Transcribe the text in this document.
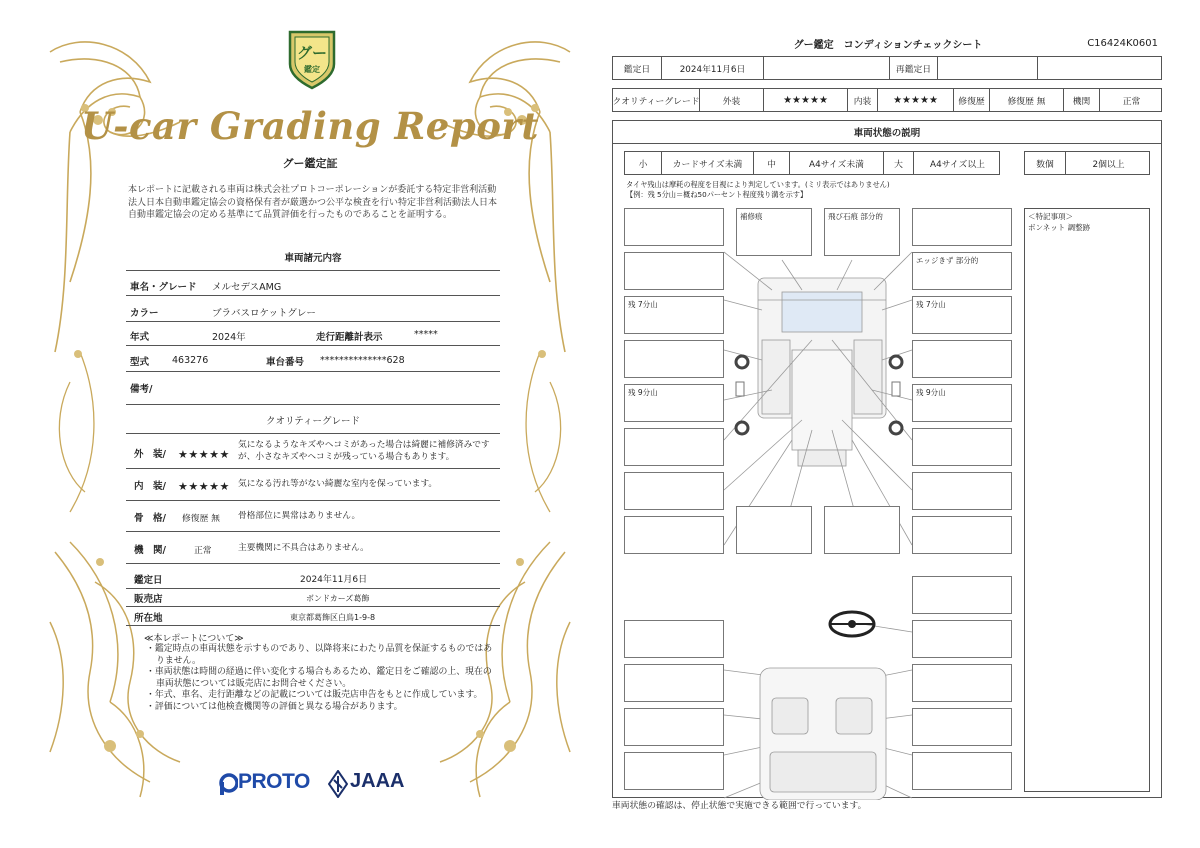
グー
鑑定
U-car Grading Report
グー鑑定証
本レポートに記載される車両は株式会社プロトコーポレーションが委託する特定非営利活動法人日本自動車鑑定協会の資格保有者が厳選かつ公平な検査を行い特定非営利活動法人日本自動車鑑定協会の定める基準にて品質評価を行ったものであることを証明する。
車両諸元内容
車名・グレード メルセデスAMG
カラー	ブラバスロケットグレー
年式	2024年	走行距離計表示	*****
型式 463276	車台番号 **************628
備考/
クオリティーグレード
外　装/ ★★★★★
気になるようなキズやヘコミがあった場合は綺麗に補修済みですが、小さなキズやヘコミが残っている場合もあります。
内　装/ ★★★★★ 気になる汚れ等がない綺麗な室内を保っています。
骨　格/ 修復歴 無 骨格部位に異常はありません。
機　関/	正常	主要機関に不具合はありません。
鑑定日	2024年11月6日
販売店	ボンドカーズ葛飾
所在地	東京都葛飾区白鳥1-9-8
≪本レポートについて≫
・鑑定時点の車両状態を示すものであり、以降将来にわたり品質を保証するものではありません。
・車両状態は時間の経過に伴い変化する場合もあるため、鑑定日をご確認の上、現在の車両状態については販売店にお問合せください。
・年式、車名、走行距離などの記載については販売店申告をもとに作成しています。
・評価については他検査機関等の評価と異なる場合があります。
PROTO JAAA
グー鑑定　コンディションチェックシート	C16424K0601
鑑定日	2024年11月6日	再鑑定日
クオリティーグレード	外装	★★★★★	内装	★★★★★	修復歴	修復歴 無	機関	正常
車両状態の説明
小	カードサイズ未満	中	A4サイズ未満	大	A4サイズ以上	数個	2個以上
タイヤ残山は摩耗の程度を目視により判定しています。(ミリ表示ではありません)
【例：残 5分山＝概ね50パーセント程度残り溝を示す】
＜特記事項＞
ボンネット 調整跡
残 7分山
残 9分山
補修痕	飛び石痕 部分的
エッジきず 部分的
残 7分山
残 9分山
車両状態の確認は、停止状態で実施できる範囲で行っています。
